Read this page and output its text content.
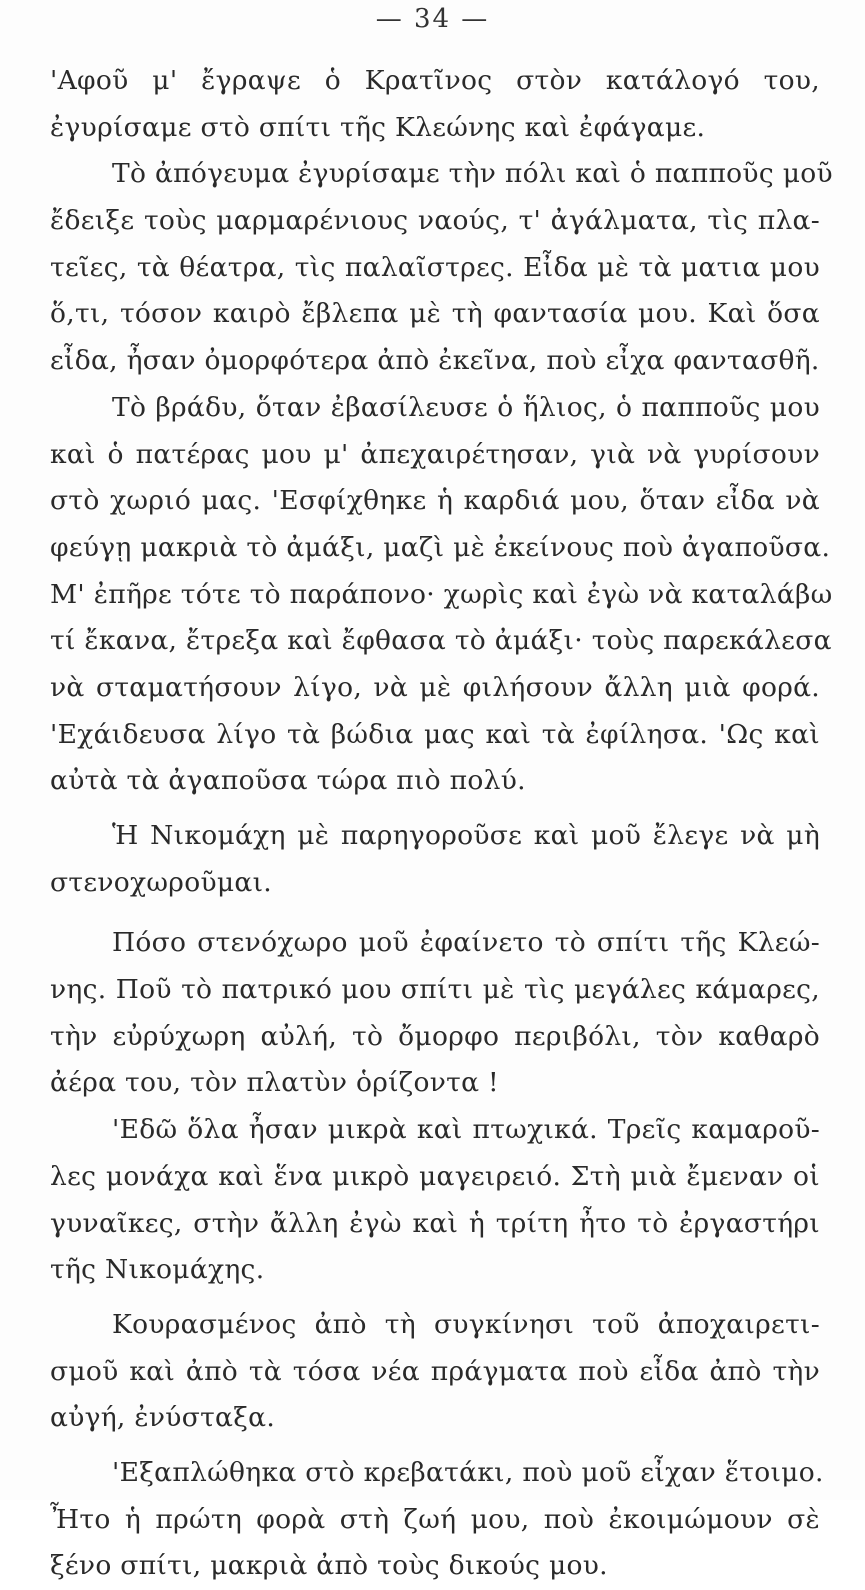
— 34 —
'Αφοῦ μ' ἔγραψε ὁ Κρατῖνος στὸν κατάλογό του,
ἐγυρίσαμε στὸ σπίτι τῆς Κλεώνης καὶ ἐφάγαμε.
Τὸ ἀπόγευμα ἐγυρίσαμε τὴν πόλι καὶ ὁ παπποῦς μοῦ
ἔδειξε τοὺς μαρμαρένιους ναούς, τ' ἀγάλματα, τὶς πλα-
τεῖες, τὰ θέατρα, τὶς παλαῖστρες. Εἶδα μὲ τὰ ματια μου
ὅ,τι, τόσον καιρὸ ἔβλεπα μὲ τὴ φαντασία μου. Καὶ ὅσα
εἶδα, ἦσαν ὀμορφότερα ἀπὸ ἐκεῖνα, ποὺ εἶχα φαντασθῆ.
Τὸ βράδυ, ὅταν ἐβασίλευσε ὁ ἥλιος, ὁ παπποῦς μου
καὶ ὁ πατέρας μου μ' ἀπεχαιρέτησαν, γιὰ νὰ γυρίσουν
στὸ χωριό μας. 'Εσφίχθηκε ἡ καρδιά μου, ὅταν εἶδα νὰ
φεύγῃ μακριὰ τὸ ἀμάξι, μαζὶ μὲ ἐκείνους ποὺ ἀγαποῦσα.
Μ' ἐπῆρε τότε τὸ παράπονο· χωρὶς καὶ ἐγὼ νὰ καταλάβω
τί ἔκανα, ἔτρεξα καὶ ἔφθασα τὸ ἀμάξι· τοὺς παρεκάλεσα
νὰ σταματήσουν λίγο, νὰ μὲ φιλήσουν ἄλλη μιὰ φορά.
'Εχάιδευσα λίγο τὰ βώδια μας καὶ τὰ ἐφίλησα. 'Ως καὶ
αὐτὰ τὰ ἀγαποῦσα τώρα πιὸ πολύ.
Ἡ Νικομάχη μὲ παρηγοροῦσε καὶ μοῦ ἔλεγε νὰ μὴ
στενοχωροῦμαι.
Πόσο στενόχωρο μοῦ ἐφαίνετο τὸ σπίτι τῆς Κλεώ-
νης. Ποῦ τὸ πατρικό μου σπίτι μὲ τὶς μεγάλες κάμαρες,
τὴν εὐρύχωρη αὐλή, τὸ ὄμορφο περιβόλι, τὸν καθαρὸ
ἀέρα του, τὸν πλατὺν ὁρίζοντα !
'Εδῶ ὅλα ἦσαν μικρὰ καὶ πτωχικά. Τρεῖς καμαροῦ-
λες μονάχα καὶ ἕνα μικρὸ μαγειρειό. Στὴ μιὰ ἔμεναν οἱ
γυναῖκες, στὴν ἄλλη ἐγὼ καὶ ἡ τρίτη ἦτο τὸ ἐργαστήρι
τῆς Νικομάχης.
Κουρασμένος ἀπὸ τὴ συγκίνησι τοῦ ἀποχαιρετι-
σμοῦ καὶ ἀπὸ τὰ τόσα νέα πράγματα ποὺ εἶδα ἀπὸ τὴν
αὐγή, ἐνύσταξα.
'Εξαπλώθηκα στὸ κρεβατάκι, ποὺ μοῦ εἶχαν ἕτοιμο.
Ἦτο ἡ πρώτη φορὰ στὴ ζωή μου, ποὺ ἐκοιμώμουν σὲ
ξένο σπίτι, μακριὰ ἀπὸ τοὺς δικούς μου.
